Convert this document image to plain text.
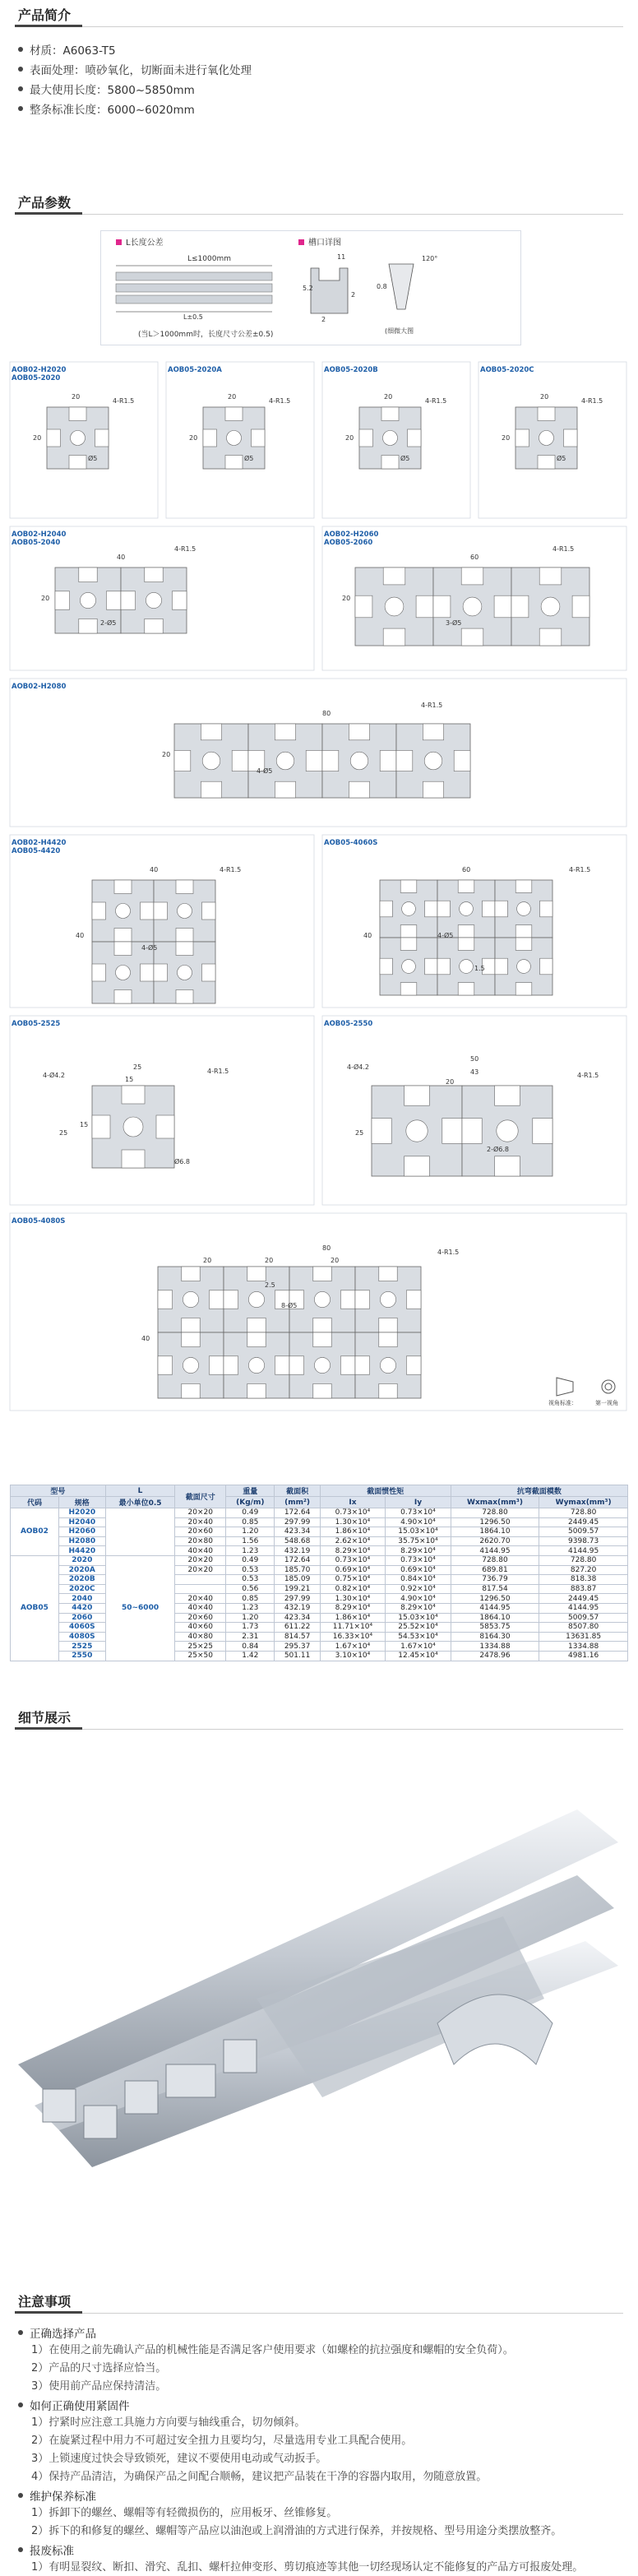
产品简介
材质：A6063-T5
表面处理：喷砂氧化，切断面未进行氧化处理
最大使用长度：5800~5850mm
整条标准长度：6000~6020mm
产品参数
L长度公差
L≤1000mm
L±0.5
(当L＞1000mm时，长度尺寸公差±0.5)
槽口详图
11
5.2
2
2
0.8
120°
(细微大图
AOB02-H2020
AOB05-2020
20
20
4-R1.5
Ø5
AOB05-2020A
20
20
4-R1.5
Ø5
AOB05-2020B
20
20
4-R1.5
Ø5
AOB05-2020C
20
20
4-R1.5
Ø5
AOB02-H2040
AOB05-2040
40
20
4-R1.5
2-Ø5
AOB02-H2060
AOB05-2060
60
20
4-R1.5
3-Ø5
AOB02-H2080
80
20
4-R1.5
4-Ø5
AOB02-H4420
AOB05-4420
40
40
4-R1.5
4-Ø5
AOB05-4060S
60
40
4-R1.5
4-Ø5
1.5
AOB05-2525
25
15
4-Ø4.2
4-R1.5
15
25
Ø6.8
AOB05-2550
50
43
20
4-Ø4.2
4-R1.5
2-Ø6.8
25
AOB05-4080S
80
20	20	20
4-R1.5
8-Ø5
40
2.5
视角标准：	第一视角
型号		L	截面尺寸	重量	截面积	截面惯性矩		抗弯截面模数	
代码	规格	最小单位0.5		(Kg/m)	(mm²)	Ix	Iy	Wxmax(mm³)	Wymax(mm³)
AOB02	H2020		20×20	0.49	172.64	0.73×10⁴	0.73×10⁴	728.80	728.80
	H2040		20×40	0.85	297.99	1.30×10⁴	4.90×10⁴	1296.50	2449.45
	H2060		20×60	1.20	423.34	1.86×10⁴	15.03×10⁴	1864.10	5009.57
	H2080		20×80	1.56	548.68	2.62×10⁴	35.75×10⁴	2620.70	9398.73
	H4420		40×40	1.23	432.19	8.29×10⁴	8.29×10⁴	4144.95	4144.95
AOB05	2020	50~6000	20×20	0.49	172.64	0.73×10⁴	0.73×10⁴	728.80	728.80
	2020A		20×20	0.53	185.70	0.69×10⁴	0.69×10⁴	689.81	827.20
	2020B			0.53	185.09	0.75×10⁴	0.84×10⁴	736.79	818.38
	2020C			0.56	199.21	0.82×10⁴	0.92×10⁴	817.54	883.87
	2040		20×40	0.85	297.99	1.30×10⁴	4.90×10⁴	1296.50	2449.45
	4420		40×40	1.23	432.19	8.29×10⁴	8.29×10⁴	4144.95	4144.95
	2060		20×60	1.20	423.34	1.86×10⁴	15.03×10⁴	1864.10	5009.57
	4060S		40×60	1.73	611.22	11.71×10⁴	25.52×10⁴	5853.75	8507.80
	4080S		40×80	2.31	814.57	16.33×10⁴	54.53×10⁴	8164.30	13631.85
	2525		25×25	0.84	295.37	1.67×10⁴	1.67×10⁴	1334.88	1334.88
	2550		25×50	1.42	501.11	3.10×10⁴	12.45×10⁴	2478.96	4981.16
细节展示
注意事项
正确选择产品
1）在使用之前先确认产品的机械性能是否满足客户使用要求（如螺栓的抗拉强度和螺帽的安全负荷）。
2）产品的尺寸选择应恰当。
3）使用前产品应保持清洁。
如何正确使用紧固件
1）拧紧时应注意工具施力方向要与轴线重合，切勿倾斜。
2）在旋紧过程中用力不可超过安全扭力且要均匀，尽量选用专业工具配合使用。
3）上锁速度过快会导致锁死，建议不要使用电动或气动扳手。
4）保持产品清洁，为确保产品之间配合顺畅，建议把产品装在干净的容器内取用，勿随意放置。
维护保养标准
1）拆卸下的螺丝、螺帽等有轻微损伤的，应用板牙、丝锥修复。
2）拆下的和修复的螺丝、螺帽等产品应以油泡或上润滑油的方式进行保养，并按规格、型号用途分类摆放整齐。
报废标准
1）有明显裂纹、断扣、滑究、乱扣、螺杆拉伸变形、剪切痕迹等其他一切经现场认定不能修复的产品方可报废处理。
